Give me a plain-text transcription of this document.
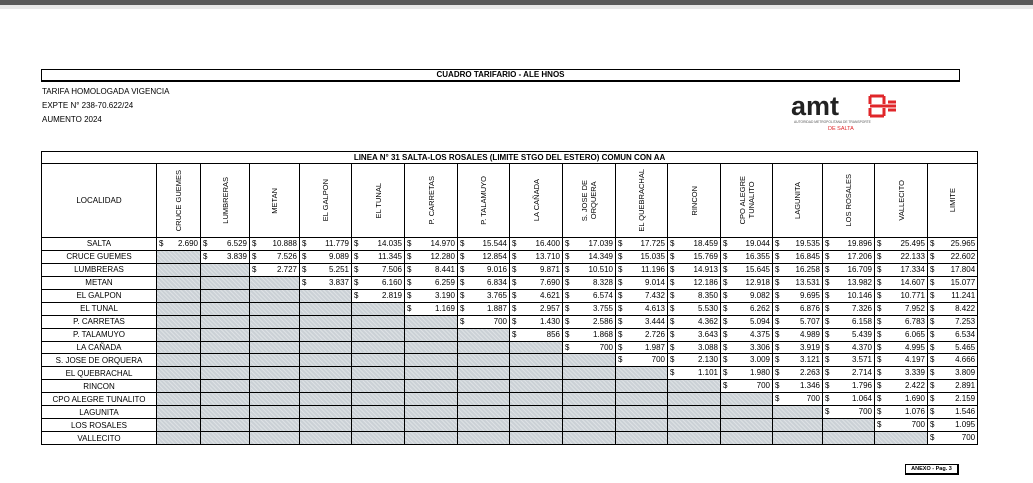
CUADRO TARIFARIO - ALE HNOS
TARIFA HOMOLOGADA VIGENCIA
EXPTE N° 238-70.622/24
AUMENTO 2024	amt
AUTORIDAD METROPOLITANA DE TRANSPORTE
DE SALTA
LINEA N° 31 SALTA-LOS ROSALES (LIMITE STGO DEL ESTERO) COMUN CON AA																
LOCALIDAD	CRUCE GUEMES	LUMBRERAS	METAN	EL GALPON	EL TUNAL	P. CARRETAS	P. TALAMUYO	LA CAÑADA	S. JOSE DE ORQUERA	EL QUEBRACHAL	RINCON	CPO ALEGRE TUNALITO	LAGUNITA	LOS ROSALES	VALLECITO	LIMITE

SALTA	$ 2.690	$ 6.529	$ 10.888	$ 11.779	$ 14.035	$ 14.970	$ 15.544	$ 16.400	$ 17.039	$ 17.725	$ 18.459	$ 19.044	$ 19.535	$ 19.896	$ 25.495	$ 25.965

CRUCE GUEMES		$ 3.839	$ 7.526	$ 9.089	$ 11.345	$ 12.280	$ 12.854	$ 13.710	$ 14.349	$ 15.035	$ 15.769	$ 16.355	$ 16.845	$ 17.206	$ 22.133	$ 22.602

LUMBRERAS			$ 2.727	$ 5.251	$ 7.506	$ 8.441	$ 9.016	$ 9.871	$ 10.510	$ 11.196	$ 14.913	$ 15.645	$ 16.258	$ 16.709	$ 17.334	$ 17.804

METAN				$ 3.837	$ 6.160	$ 6.259	$ 6.834	$ 7.690	$ 8.328	$ 9.014	$ 12.186	$ 12.918	$ 13.531	$ 13.982	$ 14.607	$ 15.077

EL GALPON					$ 2.819	$ 3.190	$ 3.765	$ 4.621	$ 6.574	$ 7.432	$ 8.350	$ 9.082	$ 9.695	$ 10.146	$ 10.771	$ 11.241

EL TUNAL						$ 1.169	$ 1.887	$ 2.957	$ 3.755	$ 4.613	$ 5.530	$ 6.262	$ 6.876	$ 7.326	$ 7.952	$ 8.422

P. CARRETAS							$ 700	$ 1.430	$ 2.586	$ 3.444	$ 4.362	$ 5.094	$ 5.707	$ 6.158	$ 6.783	$ 7.253

P. TALAMUYO								$ 856	$ 1.868	$ 2.726	$ 3.643	$ 4.375	$ 4.989	$ 5.439	$ 6.065	$ 6.534

LA CAÑADA									$ 700	$ 1.987	$ 3.088	$ 3.306	$ 3.919	$ 4.370	$ 4.995	$ 5.465

S. JOSE DE ORQUERA										$ 700	$ 2.130	$ 3.009	$ 3.121	$ 3.571	$ 4.197	$ 4.666

EL QUEBRACHAL											$ 1.101	$ 1.980	$ 2.263	$ 2.714	$ 3.339	$ 3.809

RINCON												$ 700	$ 1.346	$ 1.796	$ 2.422	$ 2.891

CPO ALEGRE TUNALITO													$ 700	$ 1.064	$ 1.690	$ 2.159

LAGUNITA														$ 700	$ 1.076	$ 1.546

LOS ROSALES															$ 700	$ 1.095

VALLECITO																$ 700
ANEXO - Pag. 3
